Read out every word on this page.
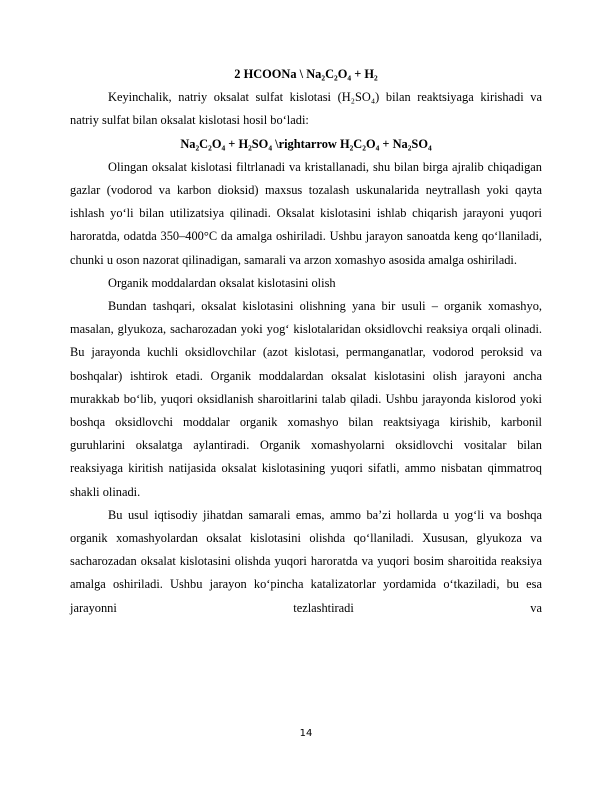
2 HCOONa \ Na₂C₂O₄ + H₂

Keyinchalik, natriy oksalat sulfat kislotasi (H₂SO₄) bilan reaktsiyaga kirishadi va natriy sulfat bilan oksalat kislotasi hosil bo‘ladi:

Na₂C₂O₄ + H₂SO₄ \rightarrow H₂C₂O₄ + Na₂SO₄

Olingan oksalat kislotasi filtrlanadi va kristallanadi, shu bilan birga ajralib chiqadigan gazlar (vodorod va karbon dioksid) maxsus tozalash uskunalarida neytrallash yoki qayta ishlash yo‘li bilan utilizatsiya qilinadi. Oksalat kislotasini ishlab chiqarish jarayoni yuqori haroratda, odatda 350–400°C da amalga oshiriladi. Ushbu jarayon sanoatda keng qo‘llaniladi, chunki u oson nazorat qilinadigan, samarali va arzon xomashyo asosida amalga oshiriladi.

Organik moddalardan oksalat kislotasini olish

Bundan tashqari, oksalat kislotasini olishning yana bir usuli – organik xomashyo, masalan, glyukoza, sacharozadan yoki yog‘ kislotalaridan oksidlovchi reaksiya orqali olinadi. Bu jarayonda kuchli oksidlovchilar (azot kislotasi, permanganatlar, vodorod peroksid va boshqalar) ishtirok etadi. Organik moddalardan oksalat kislotasini olish jarayoni ancha murakkab bo‘lib, yuqori oksidlanish sharoitlarini talab qiladi. Ushbu jarayonda kislorod yoki boshqa oksidlovchi moddalar organik xomashyo bilan reaktsiyaga kirishib, karbonil guruhlarini oksalatga aylantiradi. Organik xomashyolarni oksidlovchi vositalar bilan reaksiyaga kiritish natijasida oksalat kislotasining yuqori sifatli, ammo nisbatan qimmatroq shakli olinadi.

Bu usul iqtisodiy jihatdan samarali emas, ammo ba’zi hollarda u yog‘li va boshqa organik xomashyolardan oksalat kislotasini olishda qo‘llaniladi. Xususan, glyukoza va sacharozadan oksalat kislotasini olishda yuqori haroratda va yuqori bosim sharoitida reaksiya amalga oshiriladi. Ushbu jarayon ko‘pincha katalizatorlar yordamida o‘tkaziladi, bu esa jarayonni tezlashtiradi va

14
